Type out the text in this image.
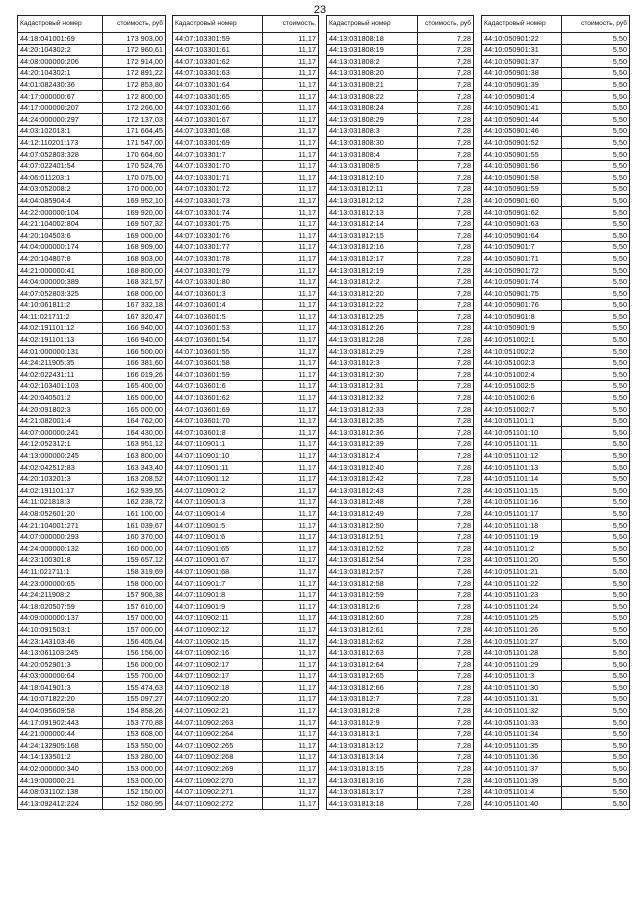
23
Кадастровый номер	стоимость, руб
44:18:041001:69	173 903,00
44:20:104302:2	172 960,61
44:08:000000:206	172 914,00
44:20:104302:1	172 891,22
44:01:082430:36	172 853,80
44:17:000000:67	172 800,00
44:17:000000:207	172 266,00
44:24:000000:297	172 137,03
44:03:102013:1	171 664,45
44:12:110201:173	171 547,00
44:07:052803:328	170 664,60
44:07:022401:54	170 524,76
44:06:011203:1	170 075,00
44:03:052008:2	170 000,00
44:04:085904:4	169 952,10
44:22:000000:104	169 920,00
44:21:104002:804	169 507,32
44:20:104503:6	169 000,00
44:04:000000:174	168 909,00
44:20:104807:8	168 903,00
44:21:000000:41	168 800,00
44:04:000000:389	168 321,57
44:07:052803:325	168 000,00
44:10:061811:2	167 332,18
44:11:021711:2	167 320,47
44:02:191101:12	166 940,00
44:02:191101:13	166 940,00
44:01:000000:131	166 500,00
44:24:211905:35	166 381,60
44:02:022431:11	166 019,26
44:02:103401:103	165 400,00
44:20:040501:2	165 000,00
44:20:091802:3	165 000,00
44:21:082001:4	164 762,00
44:07:000000:241	164 430,00
44:12:052312:1	163 951,12
44:13:000000:245	163 800,00
44:02:042512:83	163 343,40
44:20:103201:3	163 208,52
44:02:191101:17	162 939,55
44:11:021818:3	162 238,72
44:08:052601:20	161 100,00
44:21:104001:271	161 039,67
44:07:000000:293	160 370,00
44:24:000000:132	160 000,00
44:23:100301:8	159 657,12
44:11:021711:1	158 319,69
44:23:000000:65	158 000,00
44:24:211908:2	157 906,38
44:18:020507:59	157 610,00
44:09:000000:137	157 000,00
44:10:091503:1	157 000,00
44:23:143103:46	156 405,04
44:13:061103:245	156 156,00
44:20:052901:3	156 000,00
44:03:000000:64	155 700,00
44:18:041901:3	155 474,63
44:10:071822:20	155 097,27
44:04:095609:58	154 858,26
44:17:091902:443	153 770,88
44:21:000000:44	153 608,00
44:24:132905:168	153 550,00
44:14:133501:2	153 280,00
44:02:000000:340	153 000,00
44:19:000000:21	153 000,00
44:08:031102:138	152 150,00
44:13:092412:224	152 080,95
Кадастровый номер	стоимость,
44:07:103301:59	11,17
44:07:103301:61	11,17
44:07:103301:62	11,17
44:07:103301:63	11,17
44:07:103301:64	11,17
44:07:103301:65	11,17
44:07:103301:66	11,17
44:07:103301:67	11,17
44:07:103301:68	11,17
44:07:103301:69	11,17
44:07:103301:7	11,17
44:07:103301:70	11,17
44:07:103301:71	11,17
44:07:103301:72	11,17
44:07:103301:73	11,17
44:07:103301:74	11,17
44:07:103301:75	11,17
44:07:103301:76	11,17
44:07:103301:77	11,17
44:07:103301:78	11,17
44:07:103301:79	11,17
44:07:103301:80	11,17
44:07:103601:3	11,17
44:07:103601:4	11,17
44:07:103601:5	11,17
44:07:103601:53	11,17
44:07:103601:54	11,17
44:07:103601:55	11,17
44:07:103601:58	11,17
44:07:103601:59	11,17
44:07:103601:6	11,17
44:07:103601:62	11,17
44:07:103601:69	11,17
44:07:103601:70	11,17
44:07:103601:8	11,17
44:07:110901:1	11,17
44:07:110901:10	11,17
44:07:110901:11	11,17
44:07:110901:12	11,17
44:07:110901:2	11,17
44:07:110901:3	11,17
44:07:110901:4	11,17
44:07:110901:5	11,17
44:07:110901:6	11,17
44:07:110901:65	11,17
44:07:110901:67	11,17
44:07:110901:68	11,17
44:07:110901:7	11,17
44:07:110901:8	11,17
44:07:110901:9	11,17
44:07:110902:11	11,17
44:07:110902:12	11,17
44:07:110902:15	11,17
44:07:110902:16	11,17
44:07:110902:17	11,17
44:07:110902:17	11,17
44:07:110902:18	11,17
44:07:110902:20	11,17
44:07:110902:21	11,17
44:07:110902:263	11,17
44:07:110902:264	11,17
44:07:110902:265	11,17
44:07:110902:268	11,17
44:07:110902:269	11,17
44:07:110902:270	11,17
44:07:110902:271	11,17
44:07:110902:272	11,17
Кадастровый номер	стоимость, руб
44:13:031808:18	7,28
44:13:031808:19	7,28
44:13:031808:2	7,28
44:13:031808:20	7,28
44:13:031808:21	7,28
44:13:031808:22	7,28
44:13:031808:24	7,28
44:13:031808:29	7,28
44:13:031808:3	7,28
44:13:031808:30	7,28
44:13:031808:4	7,28
44:13:031808:5	7,28
44:13:031812:10	7,28
44:13:031812:11	7,28
44:13:031812:12	7,28
44:13:031812:13	7,28
44:13:031812:14	7,28
44:13:031812:15	7,28
44:13:031812:16	7,28
44:13:031812:17	7,28
44:13:031812:19	7,28
44:13:031812:2	7,28
44:13:031812:20	7,28
44:13:031812:22	7,28
44:13:031812:25	7,28
44:13:031812:26	7,28
44:13:031812:28	7,28
44:13:031812:29	7,28
44:13:031812:3	7,28
44:13:031812:30	7,28
44:13:031812:31	7,28
44:13:031812:32	7,28
44:13:031812:33	7,28
44:13:031812:35	7,28
44:13:031812:36	7,28
44:13:031812:39	7,28
44:13:031812:4	7,28
44:13:031812:40	7,28
44:13:031812:42	7,28
44:13:031812:43	7,28
44:13:031812:48	7,28
44:13:031812:49	7,28
44:13:031812:50	7,28
44:13:031812:51	7,28
44:13:031812:52	7,28
44:13:031812:54	7,28
44:13:031812:57	7,28
44:13:031812:58	7,28
44:13:031812:59	7,28
44:13:031812:6	7,28
44:13:031812:60	7,28
44:13:031812:61	7,28
44:13:031812:62	7,28
44:13:031812:63	7,28
44:13:031812:64	7,28
44:13:031812:65	7,28
44:13:031812:66	7,28
44:13:031812:7	7,28
44:13:031812:8	7,28
44:13:031812:9	7,28
44:13:031813:1	7,28
44:13:031813:12	7,28
44:13:031813:14	7,28
44:13:031813:15	7,28
44:13:031813:16	7,28
44:13:031813:17	7,28
44:13:031813:18	7,28
Кадастровый номер	стоимость, руб
44:10:050901:22	5,50
44:10:050901:31	5,50
44:10:050901:37	5,50
44:10:050901:38	5,50
44:10:050901:39	5,50
44:10:050901:4	5,50
44:10:050901:41	5,50
44:10:050901:44	5,50
44:10:050901:46	5,50
44:10:050901:52	5,50
44:10:050901:55	5,50
44:10:050901:56	5,50
44:10:050901:58	5,50
44:10:050901:59	5,50
44:10:050901:60	5,50
44:10:050901:62	5,50
44:10:050901:63	5,50
44:10:050901:64	5,50
44:10:050901:7	5,50
44:10:050901:71	5,50
44:10:050901:72	5,50
44:10:050901:74	5,50
44:10:050901:75	5,50
44:10:050901:76	5,50
44:10:050901:8	5,50
44:10:050901:9	5,50
44:10:051002:1	5,50
44:10:051002:2	5,50
44:10:051002:3	5,50
44:10:051002:4	5,50
44:10:051002:5	5,50
44:10:051002:6	5,50
44:10:051002:7	5,50
44:10:051101:1	5,50
44:10:051101:10	5,50
44:10:051101:11	5,50
44:10:051101:12	5,50
44:10:051101:13	5,50
44:10:051101:14	5,50
44:10:051101:15	5,50
44:10:051101:16	5,50
44:10:051101:17	5,50
44:10:051101:18	5,50
44:10:051101:19	5,50
44:10:051101:2	5,50
44:10:051101:20	5,50
44:10:051101:21	5,50
44:10:051101:22	5,50
44:10:051101:23	5,50
44:10:051101:24	5,50
44:10:051101:25	5,50
44:10:051101:26	5,50
44:10:051101:27	5,50
44:10:051101:28	5,50
44:10:051101:29	5,50
44:10:051101:3	5,50
44:10:051101:30	5,50
44:10:051101:31	5,50
44:10:051101:32	5,50
44:10:051101:33	5,50
44:10:051101:34	5,50
44:10:051101:35	5,50
44:10:051101:36	5,50
44:10:051101:37	5,50
44:10:051101:39	5,50
44:10:051101:4	5,50
44:10:051101:40	5,50
